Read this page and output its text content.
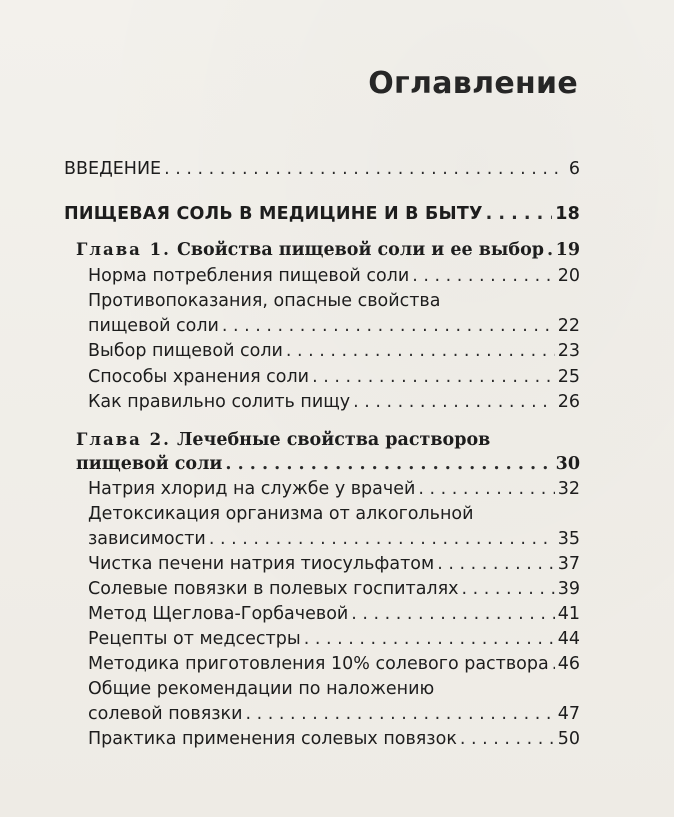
Оглавление
ВВЕДЕНИЕ . . .	6
ПИЩЕВАЯ СОЛЬ В МЕДИЦИНЕ И В БЫТУ . . .	18
Глава 1. Свойства пищевой соли и ее выбор . . . 19
Норма потребления пищевой соли . . .	20
Противопоказания, опасные свойства
пищевой соли . . .	22
Выбор пищевой соли . . .	23
Способы хранения соли . . .	25
Как правильно солить пищу . . .	26
Глава 2. Лечебные свойства растворов
пищевой соли . . .	30
Натрия хлорид на службе у врачей . . .	32
Детоксикация организма от алкогольной
зависимости . . .	35
Чистка печени натрия тиосульфатом . . .	37
Солевые повязки в полевых госпиталях . . .	39
Метод Щеглова-Горбачевой . . .	41
Рецепты от медсестры . . .	44
Методика приготовления 10% солевого раствора . . . 46
Общие рекомендации по наложению
солевой повязки . . .	47
Практика применения солевых повязок . . .	50
